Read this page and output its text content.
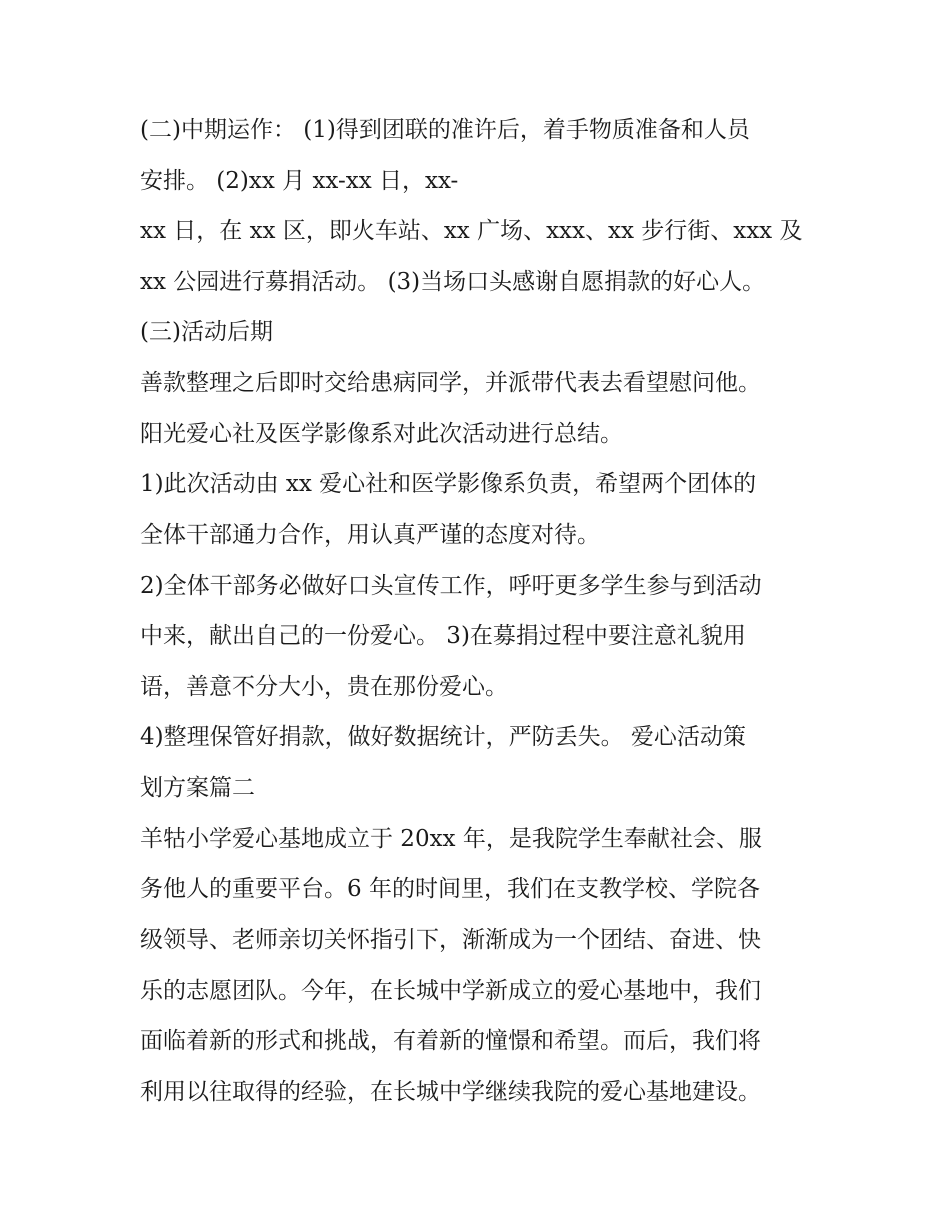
(二)中期运作： (1)得到团联的准许后，着手物质准备和人员
安排。 (2)xx 月 xx-xx 日，xx-
xx 日，在 xx 区，即火车站、xx 广场、xxx、xx 步行街、xxx 及
xx 公园进行募捐活动。 (3)当场口头感谢自愿捐款的好心人。
(三)活动后期
善款整理之后即时交给患病同学，并派带代表去看望慰问他。
阳光爱心社及医学影像系对此次活动进行总结。
1)此次活动由 xx 爱心社和医学影像系负责，希望两个团体的
全体干部通力合作，用认真严谨的态度对待。
2)全体干部务必做好口头宣传工作，呼吁更多学生参与到活动
中来，献出自己的一份爱心。 3)在募捐过程中要注意礼貌用
语，善意不分大小，贵在那份爱心。
4)整理保管好捐款，做好数据统计，严防丢失。 爱心活动策
划方案篇二
羊牯小学爱心基地成立于 20xx 年，是我院学生奉献社会、服
务他人的重要平台。6 年的时间里，我们在支教学校、学院各
级领导、老师亲切关怀指引下，渐渐成为一个团结、奋进、快
乐的志愿团队。今年，在长城中学新成立的爱心基地中，我们
面临着新的形式和挑战，有着新的憧憬和希望。而后，我们将
利用以往取得的经验，在长城中学继续我院的爱心基地建设。
